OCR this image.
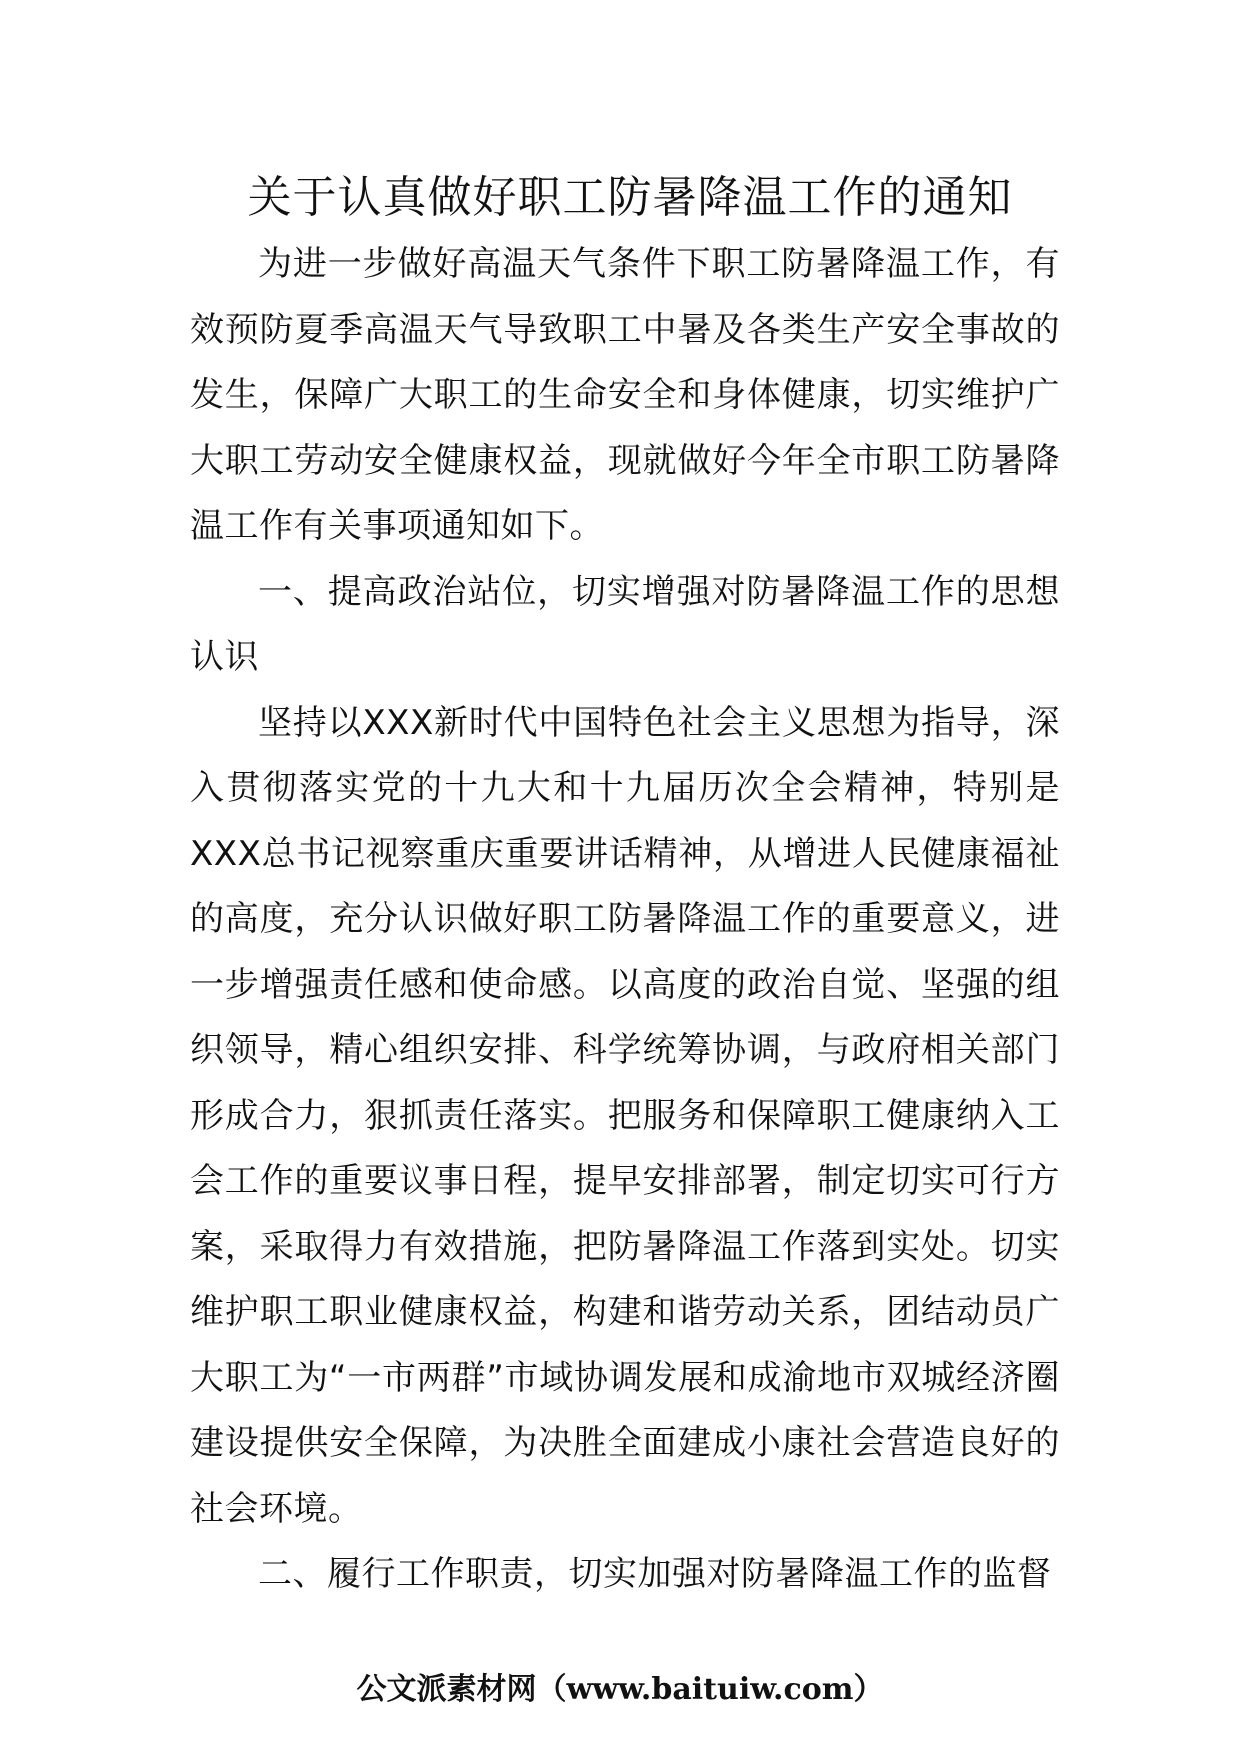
关于认真做好职工防暑降温工作的通知

为进一步做好高温天气条件下职工防暑降温工作，有效预防夏季高温天气导致职工中暑及各类生产安全事故的发生，保障广大职工的生命安全和身体健康，切实维护广大职工劳动安全健康权益，现就做好今年全市职工防暑降温工作有关事项通知如下。

一、提高政治站位，切实增强对防暑降温工作的思想认识

坚持以XXX新时代中国特色社会主义思想为指导，深入贯彻落实党的十九大和十九届历次全会精神，特别是XXX总书记视察重庆重要讲话精神，从增进人民健康福祉的高度，充分认识做好职工防暑降温工作的重要意义，进一步增强责任感和使命感。以高度的政治自觉、坚强的组织领导，精心组织安排、科学统筹协调，与政府相关部门形成合力，狠抓责任落实。把服务和保障职工健康纳入工会工作的重要议事日程，提早安排部署，制定切实可行方案，采取得力有效措施，把防暑降温工作落到实处。切实维护职工职业健康权益，构建和谐劳动关系，团结动员广大职工为“一市两群”市域协调发展和成渝地市双城经济圈建设提供安全保障，为决胜全面建成小康社会营造良好的社会环境。

二、履行工作职责，切实加强对防暑降温工作的监督

公文派素材网（www.baituiw.com）
